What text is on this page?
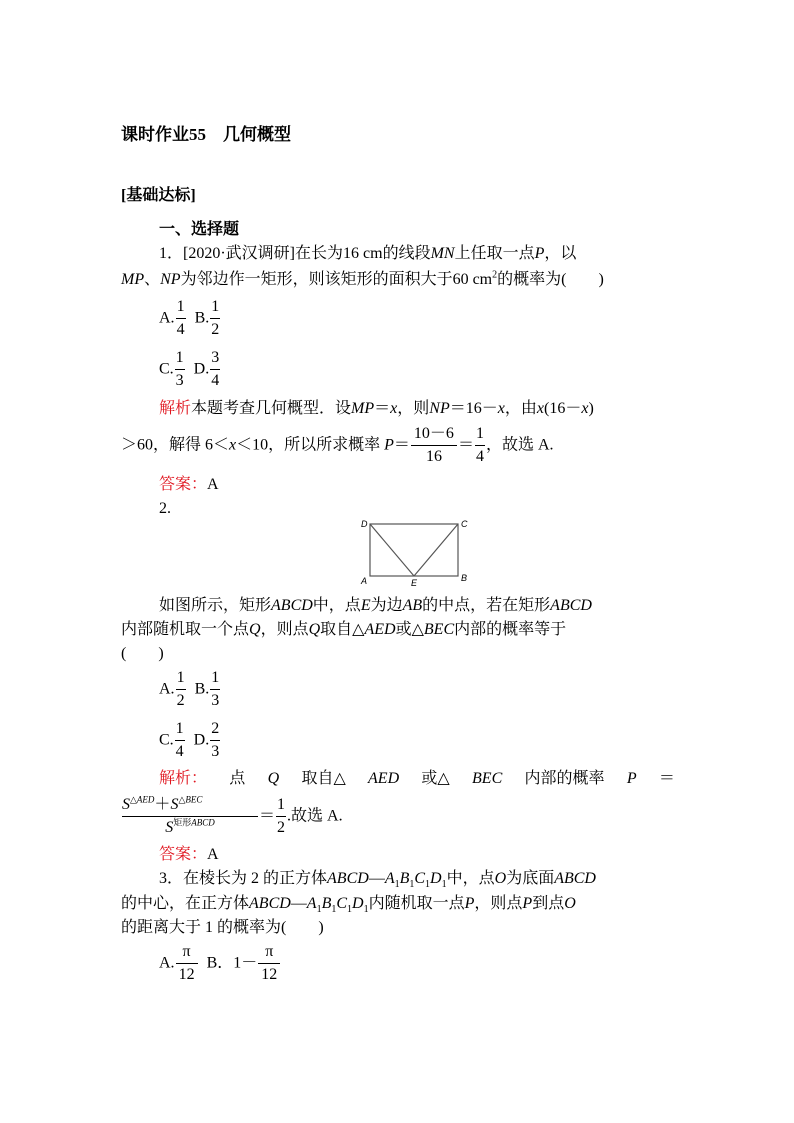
课时作业55　几何概型
[基础达标]
一、选择题
1．[2020·武汉调研]在长为16 cm的线段MN上任取一点P，以
MP、NP为邻边作一矩形，则该矩形的面积大于60 $cm^2$的概率为(　　)
A. $\frac{1}{4} B$. $\frac{1}{2}$
C. $\frac{1}{3} D$. $\frac{3}{4}$
解析本题考查几何概型．设MP＝x，则NP＝16－x，由x(16－x)
＞60，解得 6＜x＜10，所以所求概率 $P= \frac{10-6}{16} = \frac{1}{4}$ ，故选 A.
答案：A
2.
D	C
A	E	B
如图所示，矩形ABCD中，点E为边AB的中点，若在矩形ABCD
内部随机取一个点Q，则点Q取自△AED或△BEC内部的概率等于
(　　)
A. $\frac{1}{2} B$. $\frac{1}{3}$
C. $\frac{1}{4} D$. $\frac{2}{3}$
解析： 点 Q 取自△ AED 或△ BEC 内部的概率 P ＝
$S^{\triangle AED}+S^{\triangle BEC}$
$S^{矩形ABCD}$	＝ $\frac{1}{2}$ .故选 A.
答案：A
3．在棱长为 2 的正方体$ABCD—A_1B_1C_1D_1$中，点O为底面ABCD
的中心，在正方体$ABCD—A_1B_1C_1D_1$内随机取一点P，则点P到点O
的距离大于 1 的概率为(　　)
A. $\frac{\pi}{12}$ B．$1- \frac{\pi}{12}$
